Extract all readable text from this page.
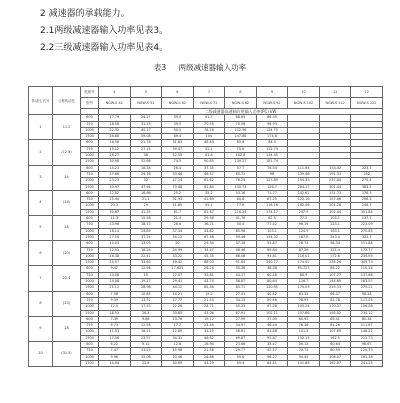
2 减速器的承载能力。
2.1两级减速器输入功率见表3。
2.2三级减速器输入功率见表4。
表3 两级减速器输入功率
传动比 代号	公称传动比	机座号	4	5	6	7	8	9	10	11	12
		型号	NGW-S 42	NGW-S 52	NGW-S 62	NGW-S 72	NGW-S 82	NGW-S 92	NGW-S 102	NGW-S 112	NGW-S 122
			二级减速器高速轴许用输入功率(P1) kW								
1	11.2	600	17.79	24.27	39.0	61.7	68.65	86.35			
		750	18.58	31.15	39.5	70.55	70.56	96.93			
		1000	22.32	40.17	50.5	78.16	102.56	124.75			
		1500	26.88	59.08	69.4	104	147.88	174.8			
2	(12.5)	600	16.58	21.78	31.65	48.63	65.8	84.3			
		750	19.12	27.15	39.47	52.1	75.6	112.74			
		1000	26.27	36	52.55	61.6	102.8	134.45			
		1500	30.98	52.66	74.5	90.85	139.27	181.74			
3	14	600	14.23	18.28	26.4	37.35	57.7	78.54	111.64	153.42	223.7
		750	17.66	24.16	33.46	46.57	60.72	98	139.46	191.33	252
		1000	23.23	32	47.14	61.62	76.24	127.89	154.33	237.84	275.4
		1500	30.97	47.94	70.48	92.84	130.73	126.7	284.17	301.44	383.5
4	(16)	600	12.82	16.66	25.2	35.2	53.16	71.77	102.61	131.73	178.5
		750	15.44	21.1	31.93	41.69	60.6	87.25	122.16	157.06	206.5
		1000	20.3	29	41.85	55.1	77.6	116.16	162.06	201.26	248.7
		1500	30.67	41.35	61.7	81.87	116.24	174.17	247.9	302.44	351.84
5	18	600	11.3	15.58	21.4	29.56	41.76	62.5	77.2	103.1	137.7
		750	13.96	18.73	26.6	36.71	50.4	77.52	96.19	123.1	223.09
		1000	18.14	24.89	37.34	44.82	65.96	103.1	124.9	163.1	270.65
		1500	27.16	37.24	54.12	67.48	99.48	154.32	187.8	243.4	322.7
6	(20)	600	10.03	13.03	20	29.34	37.18	55.87	76.74	98.34	151.88
		750	12.51	16.24	24.99	34.47	46.46	69.84	87.26	121.4	172.77
		1000	16.38	22.41	33.22	45.35	66.08	93.81	116.01	172.6	234.95
		1500	24.57	33.63	49.42	68.03	91.64	140.77	174.02	235.26	349.73
7	22.4	600	9.42	12.96	17.625	26.24	35.36	48.38	65.727	86.22	110.14
		750	10.06	15	22.07	32.81	44.17	60.48	86.9	107.77	137.68
		1000	14.08	19.27	29.41	43.74	58.87	80.64	116.7	144.69	183.57
		1500	21.12	28.98	44.12	65.58	85.71	120.95	175.03	215.53	275.21
8	(25)	600	7.98	10.85	14.21	19.2	27.41	40.42	63.15	66.37	98.28
		750	9.39	13.52	17.77	21.53	34.13	50.46	78.93	82.78	117.05
		1000	12.5	17.53	22.28	28.71	45.25	67.28	105.24	110.37	156.08
		1500	18.53	26.4	33.85	43.06	67.91	102.11	157.86	165.52	234.12
9	28	600	7.39	9.86	13.76	19.12	27.99	37.05	60.92	65.41	80.34
		750	8.73	12.58	17.2	23.44	34.97	46.44	76.16	81.26	111.67
		1000	11.53	16.21	22.89	31.25	46.61	61.88	101.5	107.69	148.22
		1500	17.36	23.57	34.31	46.82	69.87	92.87	152.13	162.5	222.73
10	(31.5)	600	6.22	9.12	12.8	16.94	23.66	33.47	56.13	60.64	98.67
		750	7.47	11.25	15.98	21.56	29.77	42.57	70.73	80.59	120.73
		1000	9.96	15.06	20.46	28.86	39.6	56.27	94.45	108.07	161.38
		1500	14.94	22.6	30.69	43.29	59.4	84.41	141.68	162.07	241.25
